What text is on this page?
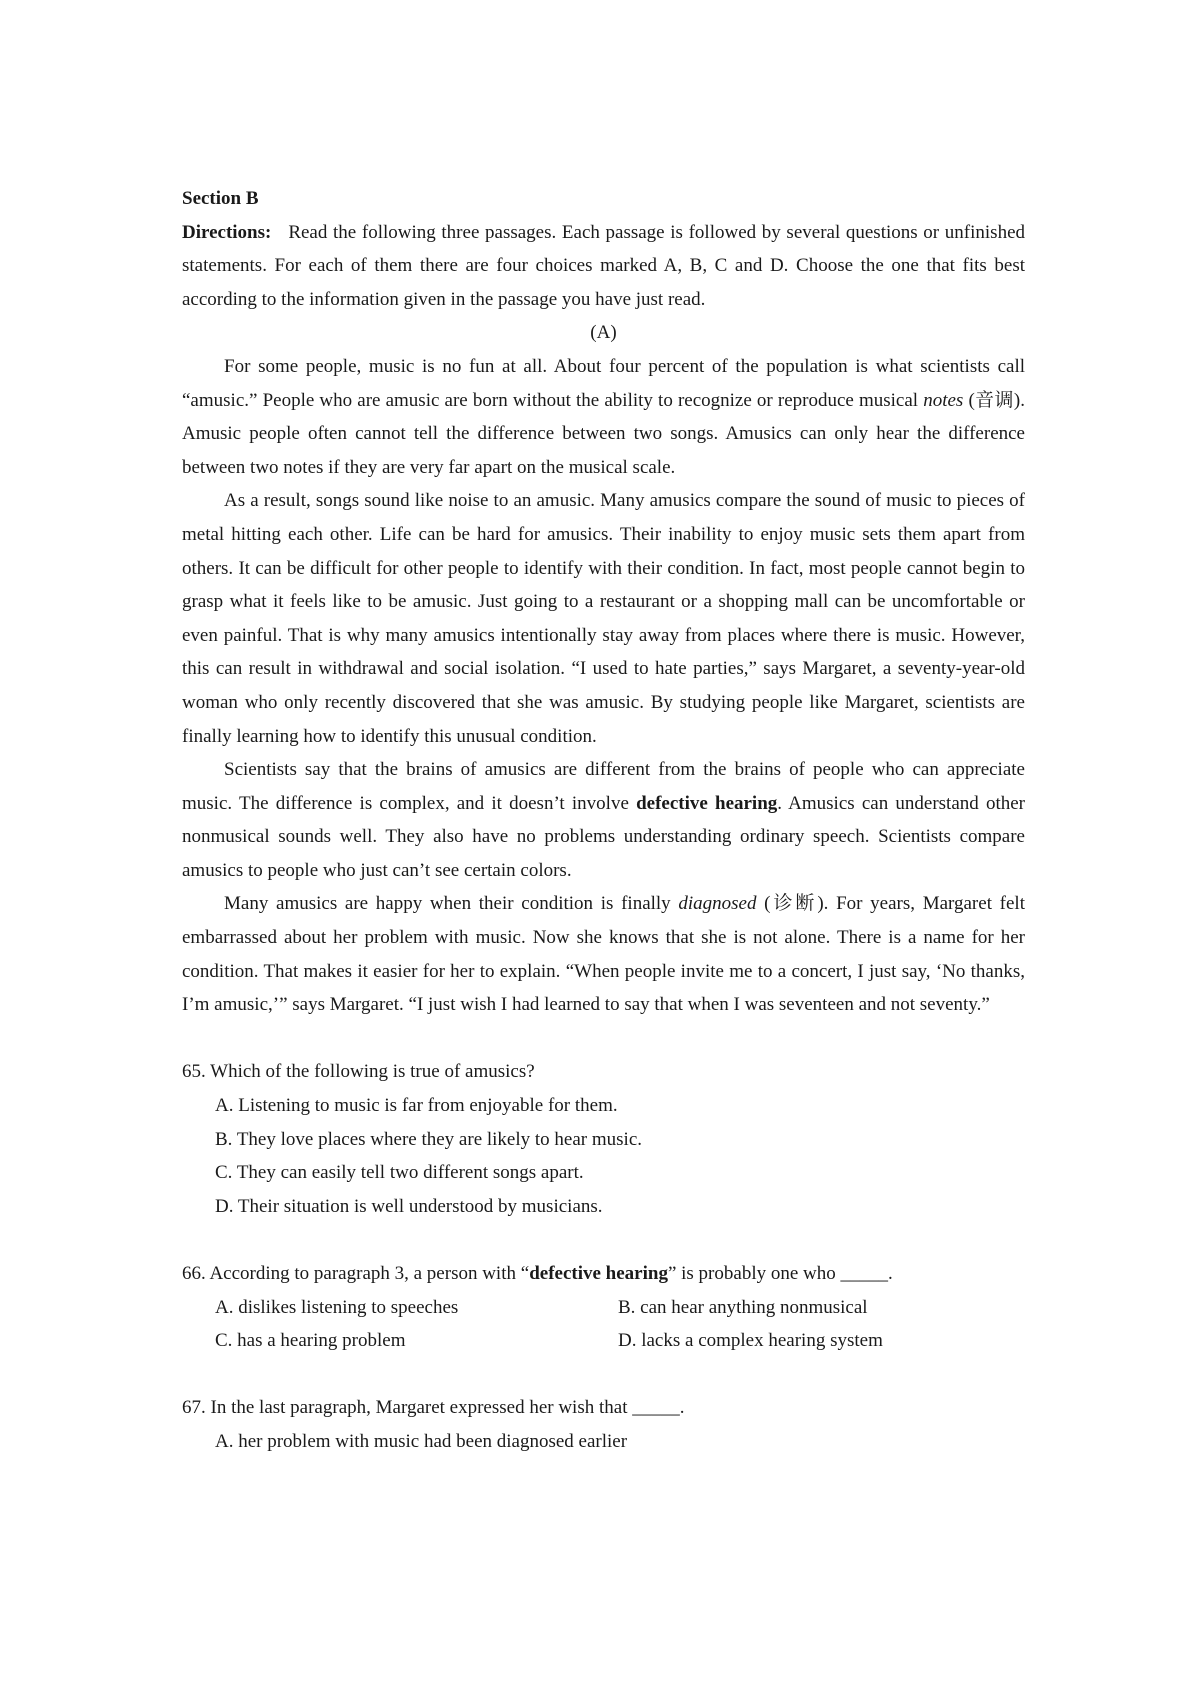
Section B

Directions: Read the following three passages. Each passage is followed by several questions or unfinished statements. For each of them there are four choices marked A, B, C and D. Choose the one that fits best according to the information given in the passage you have just read.

(A)

For some people, music is no fun at all. About four percent of the population is what scientists call “amusic.” People who are amusic are born without the ability to recognize or reproduce musical notes (音调). Amusic people often cannot tell the difference between two songs. Amusics can only hear the difference between two notes if they are very far apart on the musical scale.

As a result, songs sound like noise to an amusic. Many amusics compare the sound of music to pieces of metal hitting each other. Life can be hard for amusics. Their inability to enjoy music sets them apart from others. It can be difficult for other people to identify with their condition. In fact, most people cannot begin to grasp what it feels like to be amusic. Just going to a restaurant or a shopping mall can be uncomfortable or even painful. That is why many amusics intentionally stay away from places where there is music. However, this can result in withdrawal and social isolation. “I used to hate parties,” says Margaret, a seventy-year-old woman who only recently discovered that she was amusic. By studying people like Margaret, scientists are finally learning how to identify this unusual condition.

Scientists say that the brains of amusics are different from the brains of people who can appreciate music. The difference is complex, and it doesn’t involve defective hearing. Amusics can understand other nonmusical sounds well. They also have no problems understanding ordinary speech. Scientists compare amusics to people who just can’t see certain colors.

Many amusics are happy when their condition is finally diagnosed (诊断). For years, Margaret felt embarrassed about her problem with music. Now she knows that she is not alone. There is a name for her condition. That makes it easier for her to explain. “When people invite me to a concert, I just say, ‘No thanks, I’m amusic,’” says Margaret. “I just wish I had learned to say that when I was seventeen and not seventy.”

65. Which of the following is true of amusics?

A. Listening to music is far from enjoyable for them.

B. They love places where they are likely to hear music.

C. They can easily tell two different songs apart.

D. Their situation is well understood by musicians.

66. According to paragraph 3, a person with “defective hearing” is probably one who _____.

A. dislikes listening to speeches	B. can hear anything nonmusical
C. has a hearing problem	D. lacks a complex hearing system

67. In the last paragraph, Margaret expressed her wish that _____.

A. her problem with music had been diagnosed earlier
